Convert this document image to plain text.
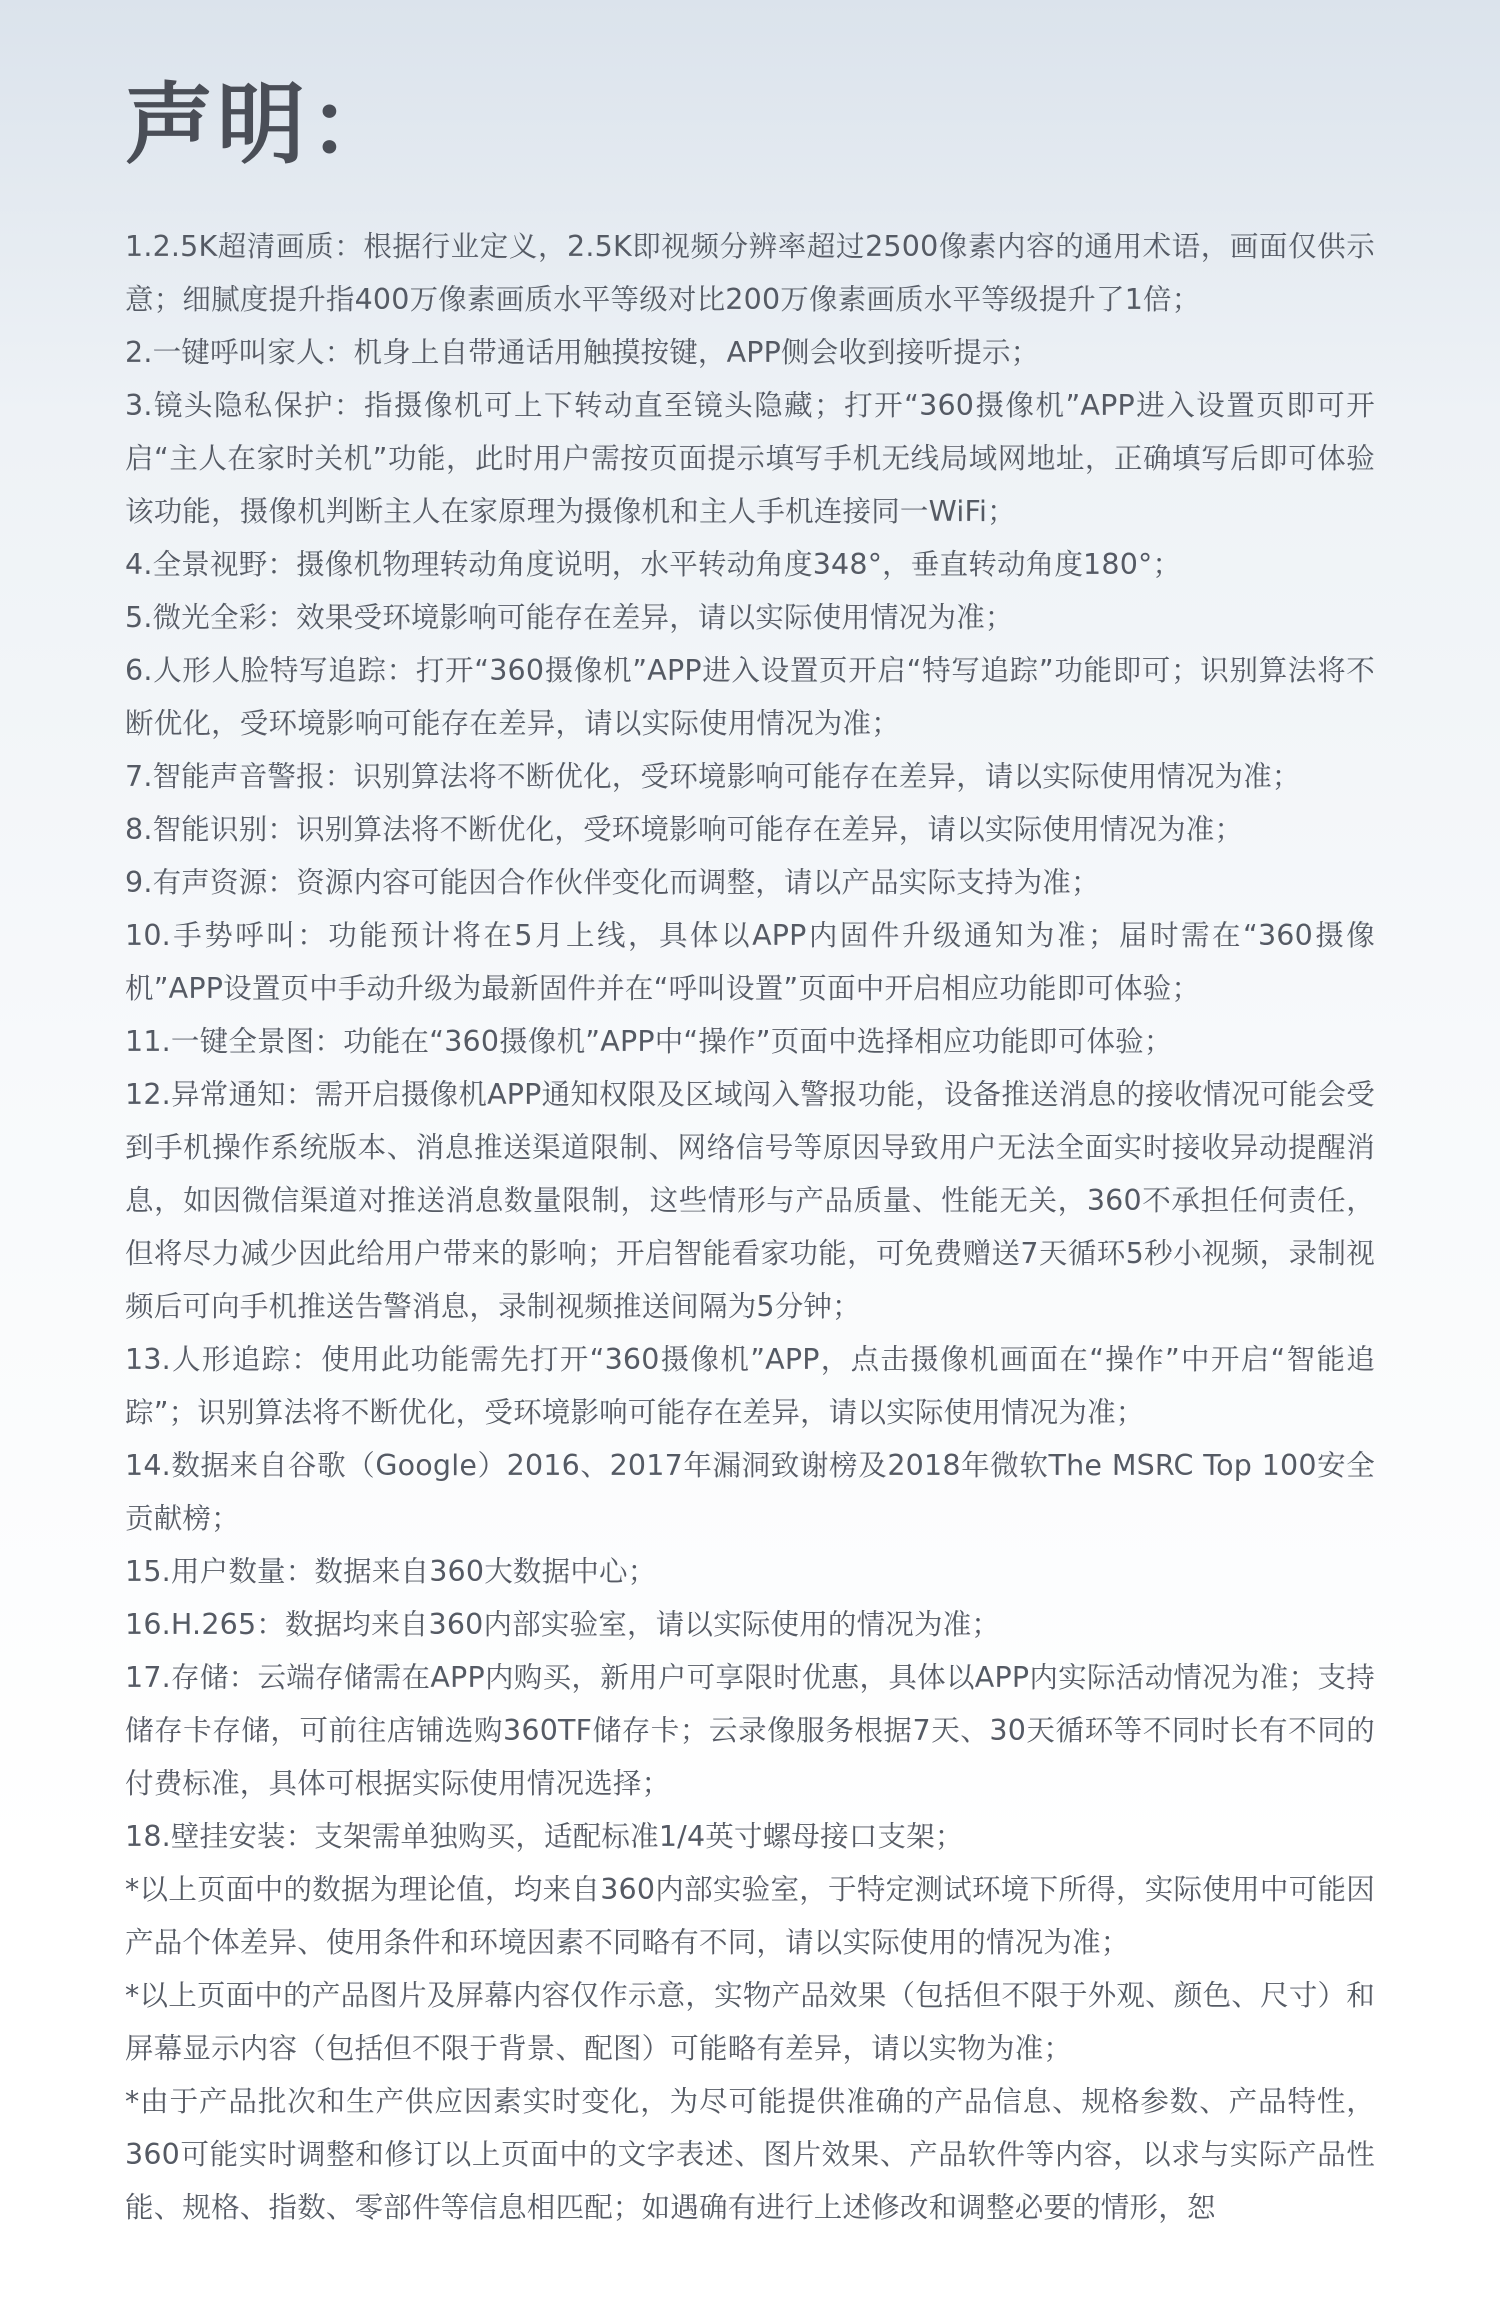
声明：
1.2.5K超清画质：根据行业定义，2.5K即视频分辨率超过2500像素内容的通用术语，画面仅供示意；细腻度提升指400万像素画质水平等级对比200万像素画质水平等级提升了1倍；
2.一键呼叫家人：机身上自带通话用触摸按键，APP侧会收到接听提示；
3.镜头隐私保护：指摄像机可上下转动直至镜头隐藏；打开“360摄像机”APP进入设置页即可开启“主人在家时关机”功能，此时用户需按页面提示填写手机无线局域网地址，正确填写后即可体验该功能，摄像机判断主人在家原理为摄像机和主人手机连接同一WiFi；
4.全景视野：摄像机物理转动角度说明，水平转动角度348°，垂直转动角度180°；
5.微光全彩：效果受环境影响可能存在差异，请以实际使用情况为准；
6.人形人脸特写追踪：打开“360摄像机”APP进入设置页开启“特写追踪”功能即可；识别算法将不断优化，受环境影响可能存在差异，请以实际使用情况为准；
7.智能声音警报：识别算法将不断优化，受环境影响可能存在差异，请以实际使用情况为准；
8.智能识别：识别算法将不断优化，受环境影响可能存在差异，请以实际使用情况为准；
9.有声资源：资源内容可能因合作伙伴变化而调整，请以产品实际支持为准；
10.手势呼叫：功能预计将在5月上线，具体以APP内固件升级通知为准；届时需在“360摄像机”APP设置页中手动升级为最新固件并在“呼叫设置”页面中开启相应功能即可体验；
11.一键全景图：功能在“360摄像机”APP中“操作”页面中选择相应功能即可体验；
12.异常通知：需开启摄像机APP通知权限及区域闯入警报功能，设备推送消息的接收情况可能会受到手机操作系统版本、消息推送渠道限制、网络信号等原因导致用户无法全面实时接收异动提醒消息，如因微信渠道对推送消息数量限制，这些情形与产品质量、性能无关，360不承担任何责任，但将尽力减少因此给用户带来的影响；开启智能看家功能，可免费赠送7天循环5秒小视频，录制视频后可向手机推送告警消息，录制视频推送间隔为5分钟；
13.人形追踪：使用此功能需先打开“360摄像机”APP，点击摄像机画面在“操作”中开启“智能追踪”；识别算法将不断优化，受环境影响可能存在差异，请以实际使用情况为准；
14.数据来自谷歌（Google）2016、2017年漏洞致谢榜及2018年微软The MSRC Top 100安全贡献榜；
15.用户数量：数据来自360大数据中心；
16.H.265：数据均来自360内部实验室，请以实际使用的情况为准；
17.存储：云端存储需在APP内购买，新用户可享限时优惠，具体以APP内实际活动情况为准；支持储存卡存储，可前往店铺选购360TF储存卡；云录像服务根据7天、30天循环等不同时长有不同的付费标准，具体可根据实际使用情况选择；
18.壁挂安装：支架需单独购买，适配标准1/4英寸螺母接口支架；
*以上页面中的数据为理论值，均来自360内部实验室，于特定测试环境下所得，实际使用中可能因产品个体差异、使用条件和环境因素不同略有不同，请以实际使用的情况为准；
*以上页面中的产品图片及屏幕内容仅作示意，实物产品效果（包括但不限于外观、颜色、尺寸）和屏幕显示内容（包括但不限于背景、配图）可能略有差异，请以实物为准；
*由于产品批次和生产供应因素实时变化，为尽可能提供准确的产品信息、规格参数、产品特性，360可能实时调整和修订以上页面中的文字表述、图片效果、产品软件等内容，以求与实际产品性能、规格、指数、零部件等信息相匹配；如遇确有进行上述修改和调整必要的情形，恕
